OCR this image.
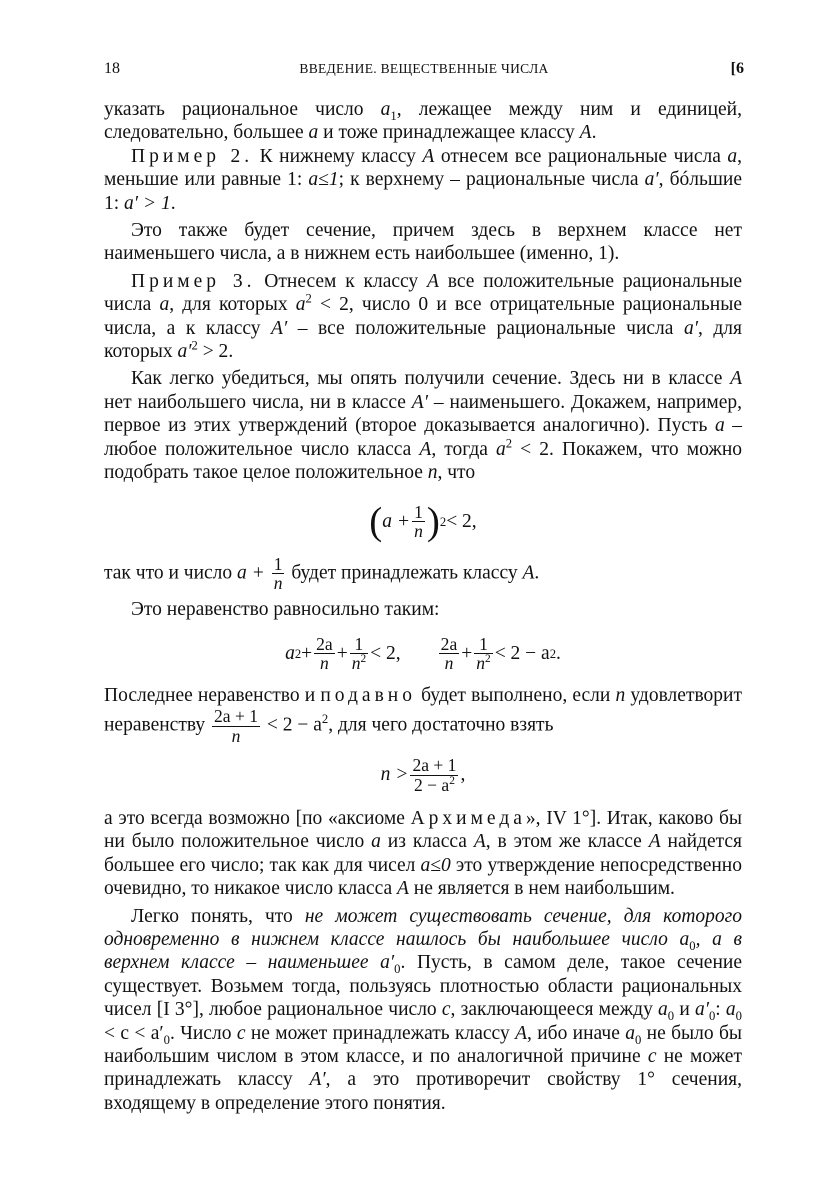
18	ВВЕДЕНИЕ. ВЕЩЕСТВЕННЫЕ ЧИСЛА	[6

указать рациональное число $a_1$, лежащее между ним и единицей, следовательно, большее a и тоже принадлежащее классу A.

Пример 2. К нижнему классу A отнесем все рациональные числа a, меньшие или равные 1: a≤1; к верхнему – рациональные числа a′, бóльшие 1: a′ > 1.

Это также будет сечение, причем здесь в верхнем классе нет наименьшего числа, а в нижнем есть наибольшее (именно, 1).

Пример 3. Отнесем к классу A все положительные рациональные числа a, для которых $a^2 < 2$, число 0 и все отрицательные рациональные числа, а к классу A′ – все положительные рациональные числа a′, для которых $a'^2 > 2$.

Как легко убедиться, мы опять получили сечение. Здесь ни в классе A нет наибольшего числа, ни в классе A′ – наименьшего. Докажем, например, первое из этих утверждений (второе доказывается аналогично). Пусть a – любое положительное число класса A, тогда $a^2 < 2$. Покажем, что можно подобрать такое целое положительное n, что

( $a + \frac{1}{n}$ ) 2 < 2,

так что и число $a + \frac{1}{n}$ будет принадлежать классу A.

Это неравенство равносильно таким:

a $2 + \frac{2a}{n} + \frac{1}{n^2} < 2$, $\frac{2a}{n} + \frac{1}{n^2} < 2 - a$ 2 .

Последнее неравенство и подавно будет выполнено, если n удовлетворит неравенству $\frac{2a + 1}{n} < 2 - a^2$, для чего достаточно взять

$n > \frac{2a + 1}{2 - a^2}$ ,

а это всегда возможно [по «аксиоме Архимеда», IV 1°]. Итак, каково бы ни было положительное число a из класса A, в этом же классе A найдется большее его число; так как для чисел a≤0 это утверждение непосредственно очевидно, то никакое число класса A не является в нем наибольшим.

Легко понять, что не может существовать сечение, для которого одновременно в нижнем классе нашлось бы наибольшее число $a_0$, а в верхнем классе – наименьшее $a'_0$. Пусть, в самом деле, такое сечение существует. Возьмем тогда, пользуясь плотностью области рациональных чисел [I 3°], любое рациональное число c, заключающееся между $a_0$ и $a'_0$: $a_0 < c < a'_0$. Число c не может принадлежать классу A, ибо иначе $a_0$ не было бы наибольшим числом в этом классе, и по аналогичной причине c не может принадлежать классу A′, а это противоречит свойству 1° сечения, входящему в определение этого понятия.
